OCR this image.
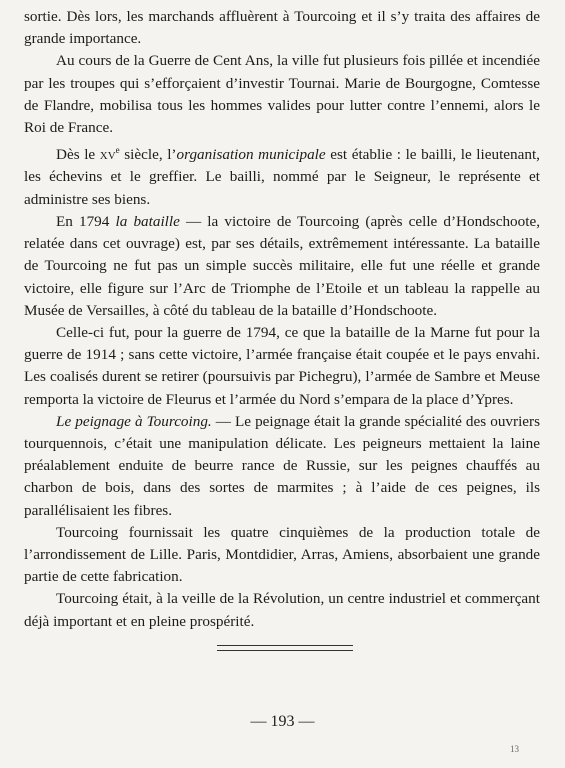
sortie. Dès lors, les marchands affluèrent à Tourcoing et il s’y traita des affaires de grande importance.

Au cours de la Guerre de Cent Ans, la ville fut plusieurs fois pillée et incendiée par les troupes qui s’efforçaient d’investir Tournai. Marie de Bourgogne, Comtesse de Flandre, mobilisa tous les hommes valides pour lutter contre l’ennemi, alors le Roi de France.

Dès le $xv^e$ siècle, l’organisation municipale est établie : le bailli, le lieutenant, les échevins et le greffier. Le bailli, nommé par le Seigneur, le représente et administre ses biens.

En 1794 la bataille — la victoire de Tourcoing (après celle d’Hondschoote, relatée dans cet ouvrage) est, par ses détails, extrêmement intéressante. La bataille de Tourcoing ne fut pas un simple succès militaire, elle fut une réelle et grande victoire, elle figure sur l’Arc de Triomphe de l’Etoile et un tableau la rappelle au Musée de Versailles, à côté du tableau de la bataille d’Hondschoote.

Celle-ci fut, pour la guerre de 1794, ce que la bataille de la Marne fut pour la guerre de 1914 ; sans cette victoire, l’armée française était coupée et le pays envahi. Les coalisés durent se retirer (poursuivis par Pichegru), l’armée de Sambre et Meuse remporta la victoire de Fleurus et l’armée du Nord s’empara de la place d’Ypres.

Le peignage à Tourcoing. — Le peignage était la grande spécialité des ouvriers tourquennois, c’était une manipulation délicate. Les peigneurs mettaient la laine préalablement enduite de beurre rance de Russie, sur les peignes chauffés au charbon de bois, dans des sortes de marmites ; à l’aide de ces peignes, ils parallélisaient les fibres.

Tourcoing fournissait les quatre cinquièmes de la production totale de l’arrondissement de Lille. Paris, Montdidier, Arras, Amiens, absorbaient une grande partie de cette fabrication.

Tourcoing était, à la veille de la Révolution, un centre industriel et commerçant déjà important et en pleine prospérité.

— 193 —
13
